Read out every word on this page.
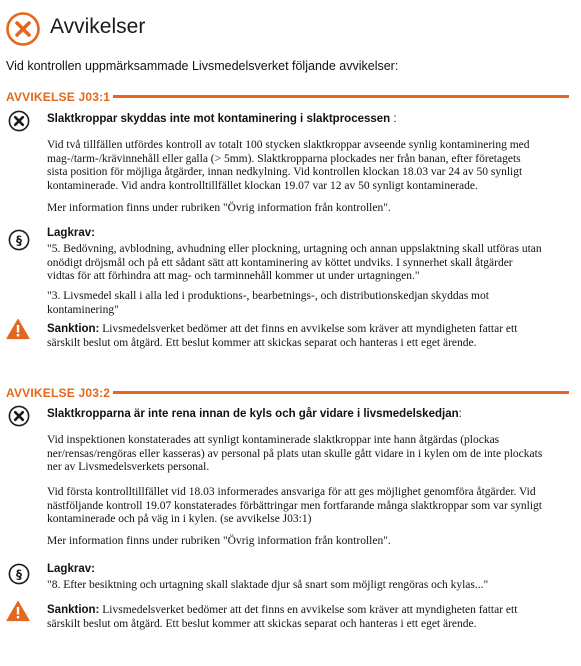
Avvikelser
Vid kontrollen uppmärksammade Livsmedelsverket följande avvikelser:
AVVIKELSE J03:1
Slaktkroppar skyddas inte mot kontaminering i slaktprocessen :
Vid två tillfällen utfördes kontroll av totalt 100 stycken slaktkroppar avseende synlig kontaminering med
mag-/tarm-/krävinnehåll eller galla (> 5mm). Slaktkropparna plockades ner från banan, efter företagets
sista position för möjliga åtgärder, innan nedkylning. Vid kontrollen klockan 18.03 var 24 av 50 synligt
kontaminerade. Vid andra kontrolltillfället klockan 19.07 var 12 av 50 synligt kontaminerade.
Mer information finns under rubriken "Övrig information från kontrollen".
§
Lagkrav:
"5. Bedövning, avblodning, avhudning eller plockning, urtagning och annan uppslaktning skall utföras utan
onödigt dröjsmål och på ett sådant sätt att kontaminering av köttet undviks. I synnerhet skall åtgärder
vidtas för att förhindra att mag- och tarminnehåll kommer ut under urtagningen."
"3. Livsmedel skall i alla led i produktions-, bearbetnings-, och distributionskedjan skyddas mot
kontaminering"
Sanktion: Livsmedelsverket bedömer att det finns en avvikelse som kräver att myndigheten fattar ett
särskilt beslut om åtgärd. Ett beslut kommer att skickas separat och hanteras i ett eget ärende.
AVVIKELSE J03:2
Slaktkropparna är inte rena innan de kyls och går vidare i livsmedelskedjan:
Vid inspektionen konstaterades att synligt kontaminerade slaktkroppar inte hann åtgärdas (plockas
ner/rensas/rengöras eller kasseras) av personal på plats utan skulle gått vidare in i kylen om de inte plockats
ner av Livsmedelsverkets personal.
Vid första kontrolltillfället vid 18.03 informerades ansvariga för att ges möjlighet genomföra åtgärder. Vid
nästföljande kontroll 19.07 konstaterades förbättringar men fortfarande många slaktkroppar som var synligt
kontaminerade och på väg in i kylen. (se avvikelse J03:1)
Mer information finns under rubriken "Övrig information från kontrollen".
§ Lagkrav:
"8. Efter besiktning och urtagning skall slaktade djur så snart som möjligt rengöras och kylas..."
Sanktion: Livsmedelsverket bedömer att det finns en avvikelse som kräver att myndigheten fattar ett
särskilt beslut om åtgärd. Ett beslut kommer att skickas separat och hanteras i ett eget ärende.
